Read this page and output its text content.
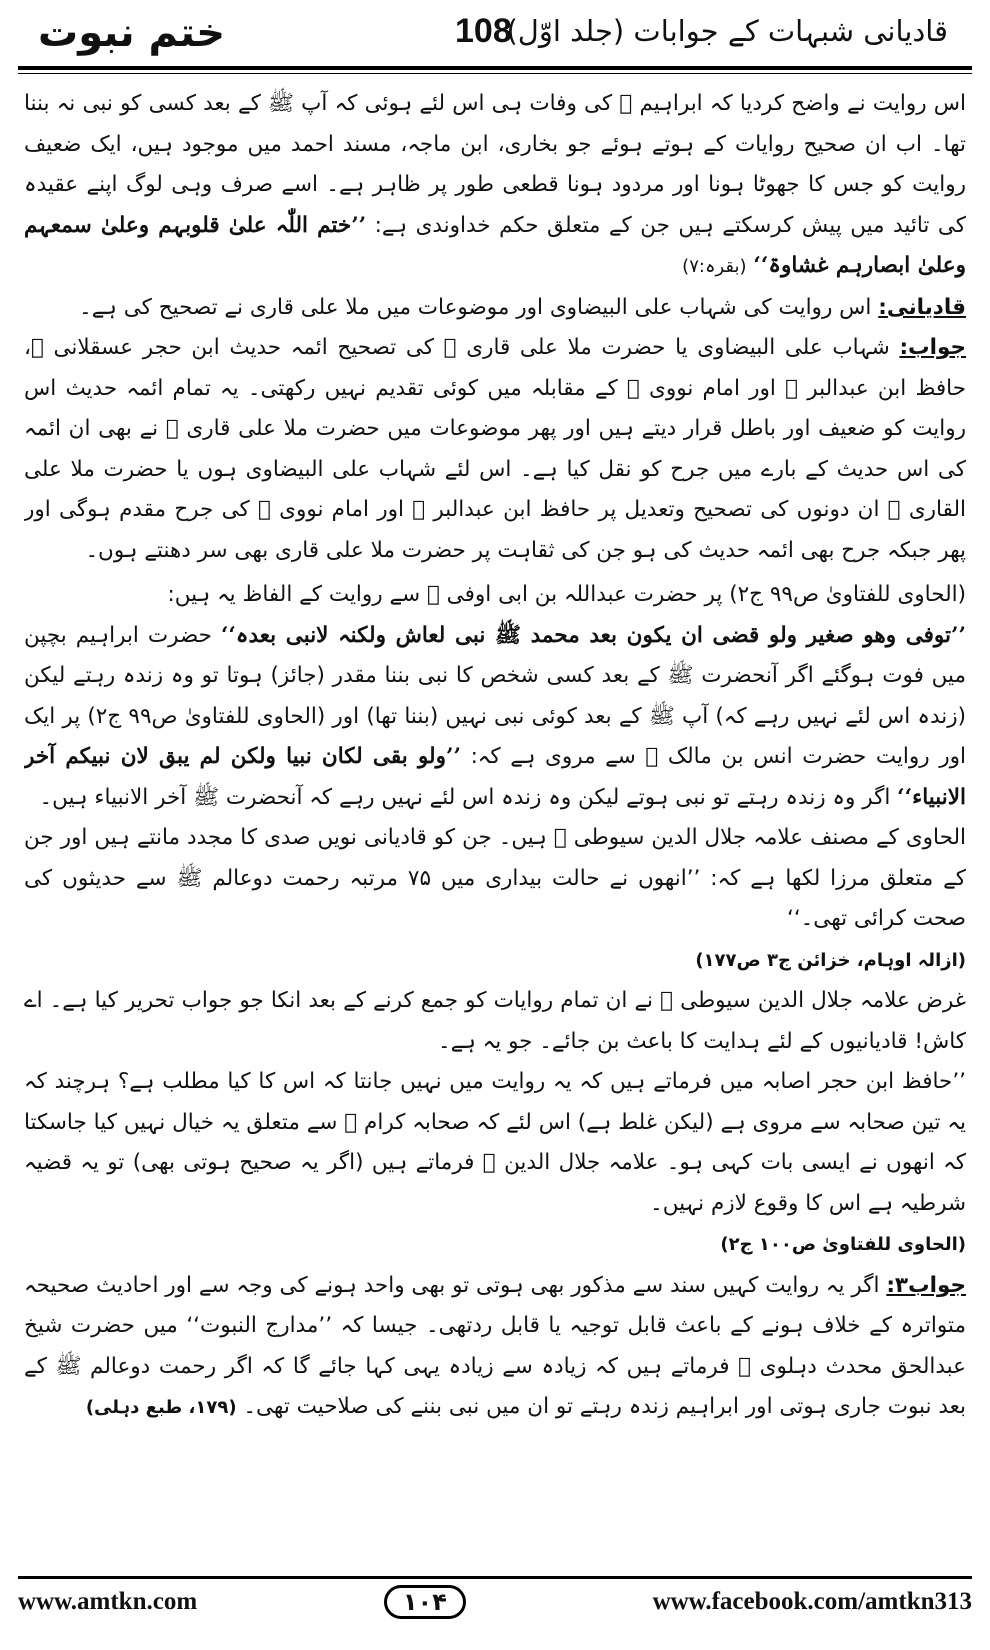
ختم نبوت	108
قادیانی شبہات کے جوابات (جلد اوّل)

اس روایت نے واضح کردیا کہ ابراہیم ﷜ کی وفات ہی اس لئے ہوئی کہ آپ ﷺ کے بعد کسی کو نبی نہ بننا تھا۔ اب ان صحیح روایات کے ہوتے ہوئے جو بخاری، ابن ماجہ، مسند احمد میں موجود ہیں، ایک ضعیف روایت کو جس کا جھوٹا ہونا اور مردود ہونا قطعی طور پر ظاہر ہے۔ اسے صرف وہی لوگ اپنے عقیدہ کی تائید میں پیش کرسکتے ہیں جن کے متعلق حکم خداوندی ہے: ’’ختم اللّٰہ علیٰ قلوبہم وعلیٰ سمعہم وعلیٰ ابصارہم غشاوۃ‘‘ (بقرہ:۷)

قادیانی: اس روایت کی شہاب علی البیضاوی اور موضوعات میں ملا علی قاری نے تصحیح کی ہے۔

جواب: شہاب علی البیضاوی یا حضرت ملا علی قاری ﷫ کی تصحیح ائمہ حدیث ابن حجر عسقلانی ﷫، حافظ ابن عبدالبر ﷫ اور امام نووی ﷫ کے مقابلہ میں کوئی تقدیم نہیں رکھتی۔ یہ تمام ائمہ حدیث اس روایت کو ضعیف اور باطل قرار دیتے ہیں اور پھر موضوعات میں حضرت ملا علی قاری ﷫ نے بھی ان ائمہ کی اس حدیث کے بارے میں جرح کو نقل کیا ہے۔ اس لئے شہاب علی البیضاوی ہوں یا حضرت ملا علی القاری ﷫ ان دونوں کی تصحیح وتعدیل پر حافظ ابن عبدالبر ﷫ اور امام نووی ﷫ کی جرح مقدم ہوگی اور پھر جبکہ جرح بھی ائمہ حدیث کی ہو جن کی ثقاہت پر حضرت ملا علی قاری بھی سر دھنتے ہوں۔

(الحاوی للفتاویٰ ص۹۹ ج۲) پر حضرت عبداللہ بن ابی اوفی ﷜ سے روایت کے الفاظ یہ ہیں:

’’توفی وھو صغیر ولو قضی ان یکون بعد محمد ﷺ نبی لعاش ولکنہ لانبی بعدہ‘‘ حضرت ابراہیم بچپن میں فوت ہوگئے اگر آنحضرت ﷺ کے بعد کسی شخص کا نبی بننا مقدر (جائز) ہوتا تو وہ زندہ رہتے لیکن (زندہ اس لئے نہیں رہے کہ) آپ ﷺ کے بعد کوئی نبی نہیں (بننا تھا) اور (الحاوی للفتاویٰ ص۹۹ ج۲) پر ایک اور روایت حضرت انس بن مالک ﷜ سے مروی ہے کہ: ’’ولو بقی لکان نبیا ولکن لم یبق لان نبیکم آخر الانبیاء‘‘ اگر وہ زندہ رہتے تو نبی ہوتے لیکن وہ زندہ اس لئے نہیں رہے کہ آنحضرت ﷺ آخر الانبیاء ہیں۔

الحاوی کے مصنف علامہ جلال الدین سیوطی ﷫ ہیں۔ جن کو قادیانی نویں صدی کا مجدد مانتے ہیں اور جن کے متعلق مرزا لکھا ہے کہ: ’’انھوں نے حالت بیداری میں ۷۵ مرتبہ رحمت دوعالم ﷺ سے حدیثوں کی صحت کرائی تھی۔‘‘

(ازالہ اوہام، خزائن ج۳ ص۱۷۷)

غرض علامہ جلال الدین سیوطی ﷫ نے ان تمام روایات کو جمع کرنے کے بعد انکا جو جواب تحریر کیا ہے۔ اے کاش! قادیانیوں کے لئے ہدایت کا باعث بن جائے۔ جو یہ ہے۔

’’حافظ ابن حجر اصابہ میں فرماتے ہیں کہ یہ روایت میں نہیں جانتا کہ اس کا کیا مطلب ہے؟ ہرچند کہ یہ تین صحابہ سے مروی ہے (لیکن غلط ہے) اس لئے کہ صحابہ کرام ﷢ سے متعلق یہ خیال نہیں کیا جاسکتا کہ انھوں نے ایسی بات کہی ہو۔ علامہ جلال الدین ﷫ فرماتے ہیں (اگر یہ صحیح ہوتی بھی) تو یہ قضیہ شرطیہ ہے اس کا وقوع لازم نہیں۔

(الحاوی للفتاویٰ ص۱۰۰ ج۲)

جواب۳: اگر یہ روایت کہیں سند سے مذکور بھی ہوتی تو بھی واحد ہونے کی وجہ سے اور احادیث صحیحہ متواترہ کے خلاف ہونے کے باعث قابل توجیہ یا قابل ردتھی۔ جیسا کہ ’’مدارج النبوت‘‘ میں حضرت شیخ عبدالحق محدث دہلوی ﷫ فرماتے ہیں کہ زیادہ سے زیادہ یہی کہا جائے گا کہ اگر رحمت دوعالم ﷺ کے بعد نبوت جاری ہوتی اور ابراہیم زندہ رہتے تو ان میں نبی بننے کی صلاحیت تھی۔ (۱۷۹، طبع دہلی)

www.amtkn.com	۱۰۴	www.facebook.com/amtkn313
